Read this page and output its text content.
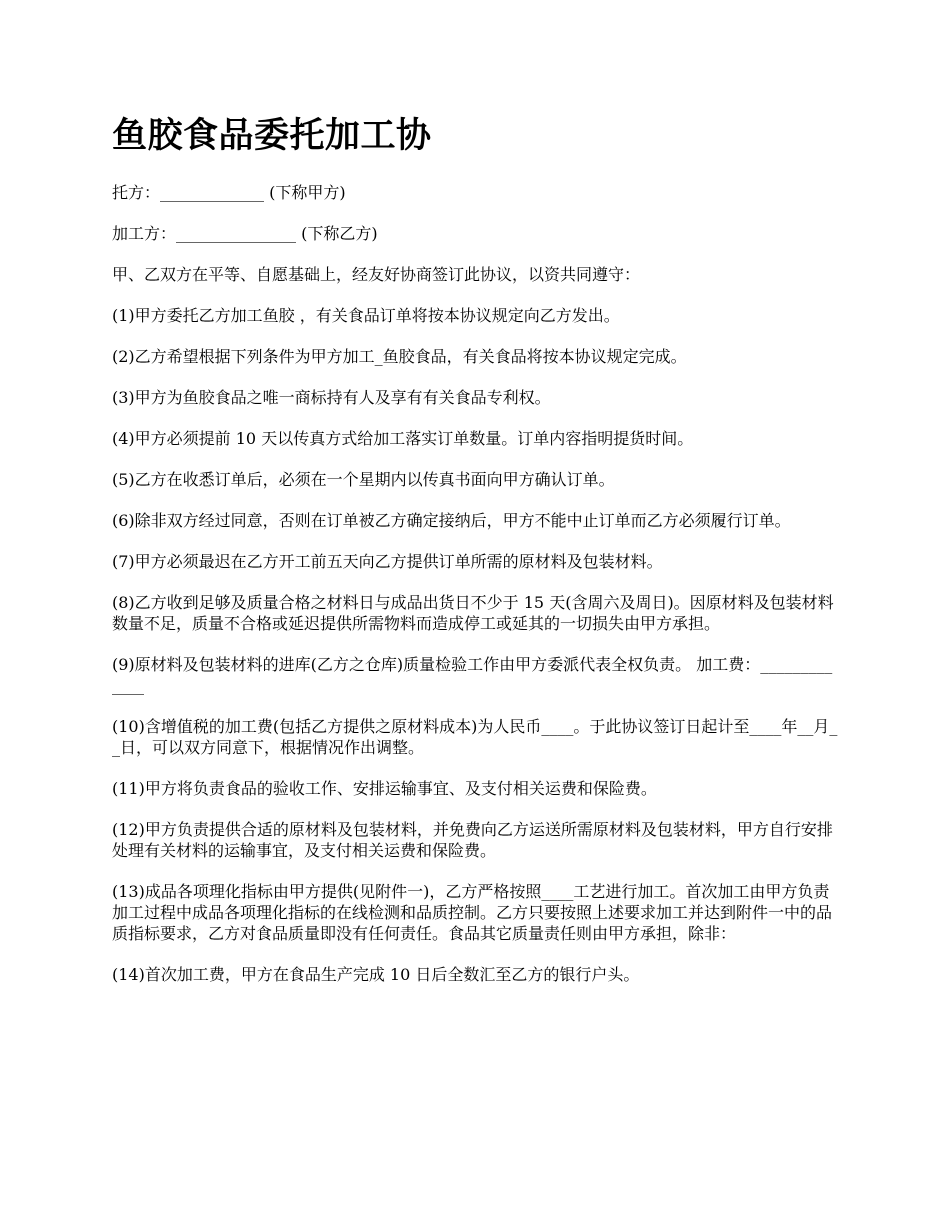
鱼胶食品委托加工协

托方：_____________ (下称甲方)

加工方：_______________ (下称乙方)

甲、乙双方在平等、自愿基础上，经友好协商签订此协议，以资共同遵守：

(1)甲方委托乙方加工鱼胶 ，有关食品订单将按本协议规定向乙方发出。

(2)乙方希望根据下列条件为甲方加工_鱼胶食品，有关食品将按本协议规定完成。

(3)甲方为鱼胶食品之唯一商标持有人及享有有关食品专利权。

(4)甲方必须提前 10 天以传真方式给加工落实订单数量。订单内容指明提货时间。

(5)乙方在收悉订单后，必须在一个星期内以传真书面向甲方确认订单。

(6)除非双方经过同意，否则在订单被乙方确定接纳后，甲方不能中止订单而乙方必须履行订单。

(7)甲方必须最迟在乙方开工前五天向乙方提供订单所需的原材料及包装材料。

(8)乙方收到足够及质量合格之材料日与成品出货日不少于 15 天(含周六及周日)。因原材料及包装材料数量不足，质量不合格或延迟提供所需物料而造成停工或延其的一切损失由甲方承担。

(9)原材料及包装材料的进库(乙方之仓库)质量检验工作由甲方委派代表全权负责。 加工费：_____________

(10)含增值税的加工费(包括乙方提供之原材料成本)为人民币____。于此协议签订日起计至____年__月__日，可以双方同意下，根据情况作出调整。

(11)甲方将负责食品的验收工作、安排运输事宜、及支付相关运费和保险费。

(12)甲方负责提供合适的原材料及包装材料，并免费向乙方运送所需原材料及包装材料，甲方自行安排处理有关材料的运输事宜，及支付相关运费和保险费。

(13)成品各项理化指标由甲方提供(见附件一)，乙方严格按照____工艺进行加工。首次加工由甲方负责加工过程中成品各项理化指标的在线检测和品质控制。乙方只要按照上述要求加工并达到附件一中的品质指标要求，乙方对食品质量即没有任何责任。食品其它质量责任则由甲方承担，除非：

(14)首次加工费，甲方在食品生产完成 10 日后全数汇至乙方的银行户头。
